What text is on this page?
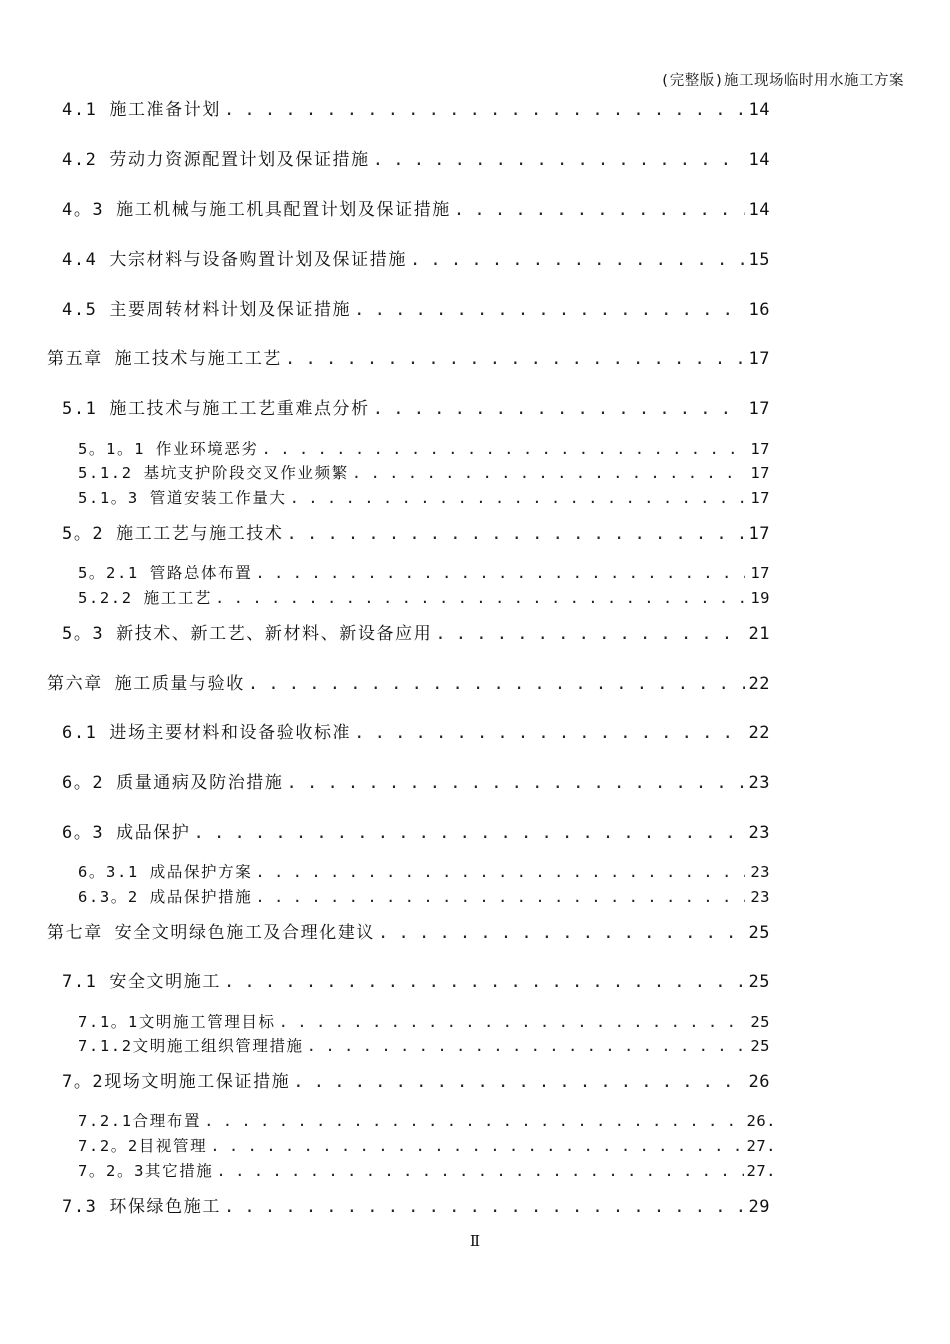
(完整版)施工现场临时用水施工方案
4.1 施工准备计划 . . .	14
4.2 劳动力资源配置计划及保证措施 . . .	14
4。3 施工机械与施工机具配置计划及保证措施 . . .	14
4.4 大宗材料与设备购置计划及保证措施 . . .	15
4.5 主要周转材料计划及保证措施 . . .	16
第五章 施工技术与施工工艺 . . .	17
5.1 施工技术与施工工艺重难点分析 . . .	17
5。1。1 作业环境恶劣 . . .	17
5.1.2 基坑支护阶段交叉作业频繁 . . .	17
5.1。3 管道安装工作量大 . . .	17
5。2 施工工艺与施工技术 . . .	17
5。2.1 管路总体布置 . . .	17
5.2.2 施工工艺 . . .	19
5。3 新技术、新工艺、新材料、新设备应用 . . .	21
第六章 施工质量与验收 . . .	22
6.1 进场主要材料和设备验收标准 . . .	22
6。2 质量通病及防治措施 . . .	23
6。3 成品保护 . . .	23
6。3.1 成品保护方案 . . .	23
6.3。2 成品保护措施 . . .	23
第七章 安全文明绿色施工及合理化建议 . . .	25
7.1 安全文明施工 . . .	25
7.1。1文明施工管理目标 . . .	25
7.1.2文明施工组织管理措施 . . .	25
7。2现场文明施工保证措施 . . .	26
7.2.1合理布置 . . .	26.
7.2。2目视管理 . . .	27.
7。2。3其它措施 . . .	27.
7.3 环保绿色施工 . . .	29
Ⅱ
